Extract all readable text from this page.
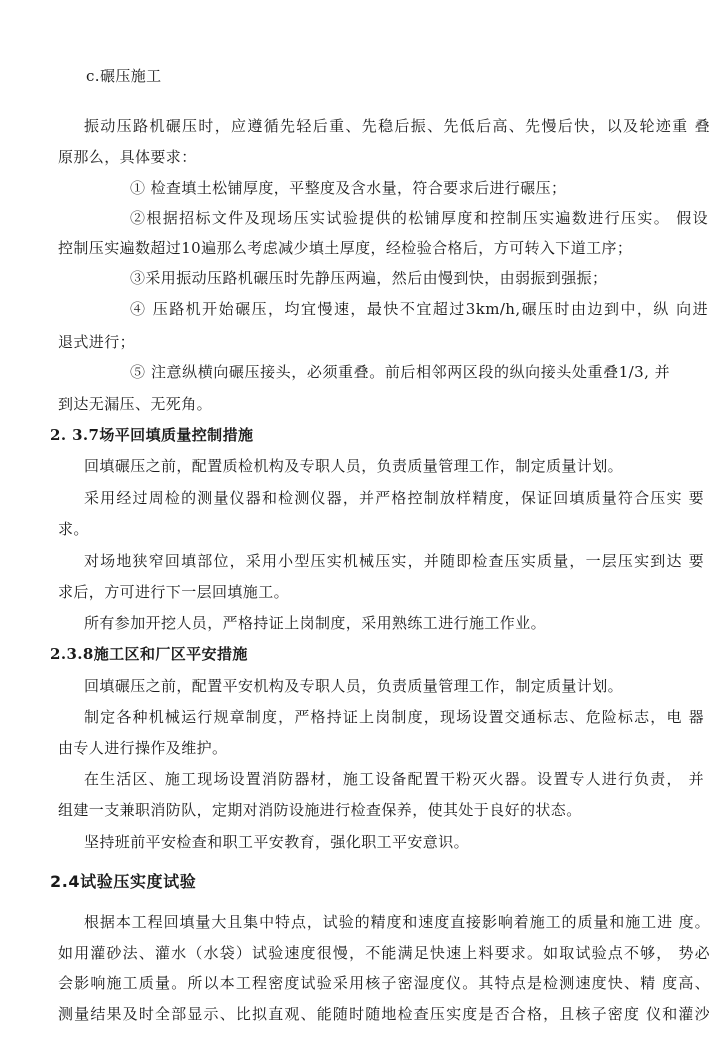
c.碾压施工
振动压路机碾压时，应遵循先轻后重、先稳后振、先低后高、先慢后快，以及轮迹重 叠
原那么，具体要求：
① 检查填土松铺厚度，平整度及含水量，符合要求后进行碾压；
②根据招标文件及现场压实试验提供的松铺厚度和控制压实遍数进行压实。 假设
控制压实遍数超过10遍那么考虑减少填土厚度，经检验合格后，方可转入下道工序；
③采用振动压路机碾压时先静压两遍，然后由慢到快，由弱振到强振；
④ 压路机开始碾压，均宜慢速，最快不宜超过3km/h,碾压时由边到中，纵 向进
退式进行；
⑤ 注意纵横向碾压接头，必须重叠。前后相邻两区段的纵向接头处重叠1/3, 并
到达无漏压、无死角。
2. 3.7场平回填质量控制措施
回填碾压之前，配置质检机构及专职人员，负责质量管理工作，制定质量计划。
采用经过周检的测量仪器和检测仪器，并严格控制放样精度，保证回填质量符合压实 要
求。
对场地狭窄回填部位，采用小型压实机械压实，并随即检查压实质量，一层压实到达 要
求后，方可进行下一层回填施工。
所有参加开挖人员，严格持证上岗制度，采用熟练工进行施工作业。
2.3.8施工区和厂区平安措施
回填碾压之前，配置平安机构及专职人员，负责质量管理工作，制定质量计划。
制定各种机械运行规章制度，严格持证上岗制度，现场设置交通标志、危险标志，电 器
由专人进行操作及维护。
在生活区、施工现场设置消防器材，施工设备配置干粉灭火器。设置专人进行负责， 并
组建一支兼职消防队，定期对消防设施进行检查保养，使其处于良好的状态。
坚持班前平安检查和职工平安教育，强化职工平安意识。
2.4试验压实度试验
根据本工程回填量大且集中特点，试验的精度和速度直接影响着施工的质量和施工进 度。
如用灌砂法、灌水（水袋）试验速度很慢，不能满足快速上料要求。如取试验点不够， 势必
会影响施工质量。所以本工程密度试验采用核子密湿度仪。其特点是检测速度快、精 度高、
测量结果及时全部显示、比拟直观、能随时随地检查压实度是否合格，且核子密度 仪和灌沙
